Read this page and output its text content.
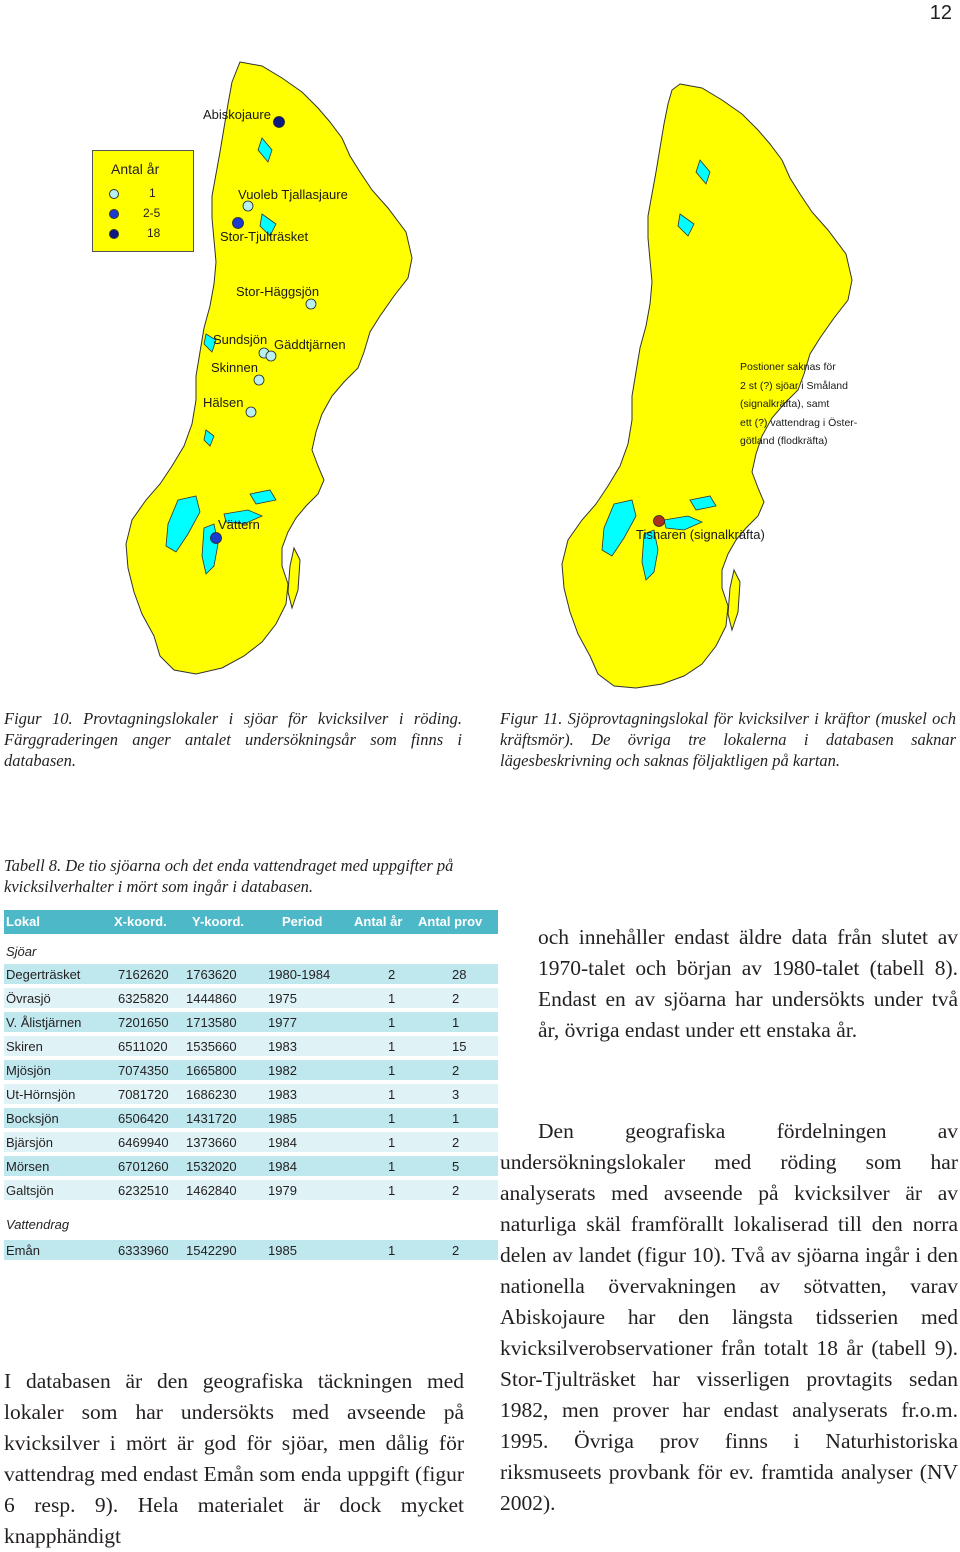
12
Antal år
1
2-5
18
Abiskojaure
Vuoleb Tjallasjaure
Stor-Tjulträsket
Stor-Häggsjön
Sundsjön Gäddtjärnen
Skinnen
Hälsen
Vättern
Postioner saknas för
2 st (?) sjöar i Småland
(signalkräfta), samt
ett (?) vattendrag i Öster-
götland (flodkräfta)
Tisnaren (signalkräfta)
Figur 10. Provtagningslokaler i sjöar för kvicksilver i röding. Färggraderingen anger antalet undersökningsår som finns i databasen.
Figur 11. Sjöprovtagningslokal för kvicksilver i kräftor (muskel och kräftsmör). De övriga tre lokalerna i databasen saknar lägesbeskrivning och saknas följaktligen på kartan.
Tabell 8. De tio sjöarna och det enda vattendraget med uppgifter på kvicksilverhalter i mört som ingår i databasen.
Lokal	X-koord. Y-koord.	Period Antal år Antal prov
Sjöar
Degerträsket	7162620 1763620 1980-1984	2	28
Övrasjö	6325820 1444860 1975	1	2
V. Ålistjärnen	7201650 1713580 1977	1	1
Skiren	6511020 1535660 1983	1	15
Mjösjön	7074350 1665800 1982	1	2
Ut-Hörnsjön	7081720 1686230 1983	1	3
Bocksjön	6506420 1431720 1985	1	1
Bjärsjön	6469940 1373660 1984	1	2
Mörsen	6701260 1532020 1984	1	5
Galtsjön	6232510 1462840 1979	1	2
Vattendrag
Emån	6333960 1542290 1985	1	2

I databasen är den geografiska täckningen med lokaler som har undersökts med avseende på kvicksilver i mört är god för sjöar, men dålig för vattendrag med endast Emån som enda uppgift (figur 6 resp. 9). Hela materialet är dock mycket knapphändigt

och innehåller endast äldre data från slutet av 1970-talet och början av 1980-talet (tabell 8). Endast en av sjöarna har undersökts under två år, övriga endast under ett enstaka år.

Den geografiska fördelningen av undersökningslokaler med röding som har analyserats med avseende på kvicksilver är av naturliga skäl framförallt lokaliserad till den norra delen av landet (figur 10). Två av sjöarna ingår i den nationella övervakningen av sötvatten, varav Abiskojaure har den längsta tidsserien med kvicksilverobservationer från totalt 18 år (tabell 9). Stor-Tjulträsket har visserligen provtagits sedan 1982, men prover har endast analyserats fr.o.m. 1995. Övriga prov finns i Naturhistoriska riksmuseets provbank för ev. framtida analyser (NV 2002).
